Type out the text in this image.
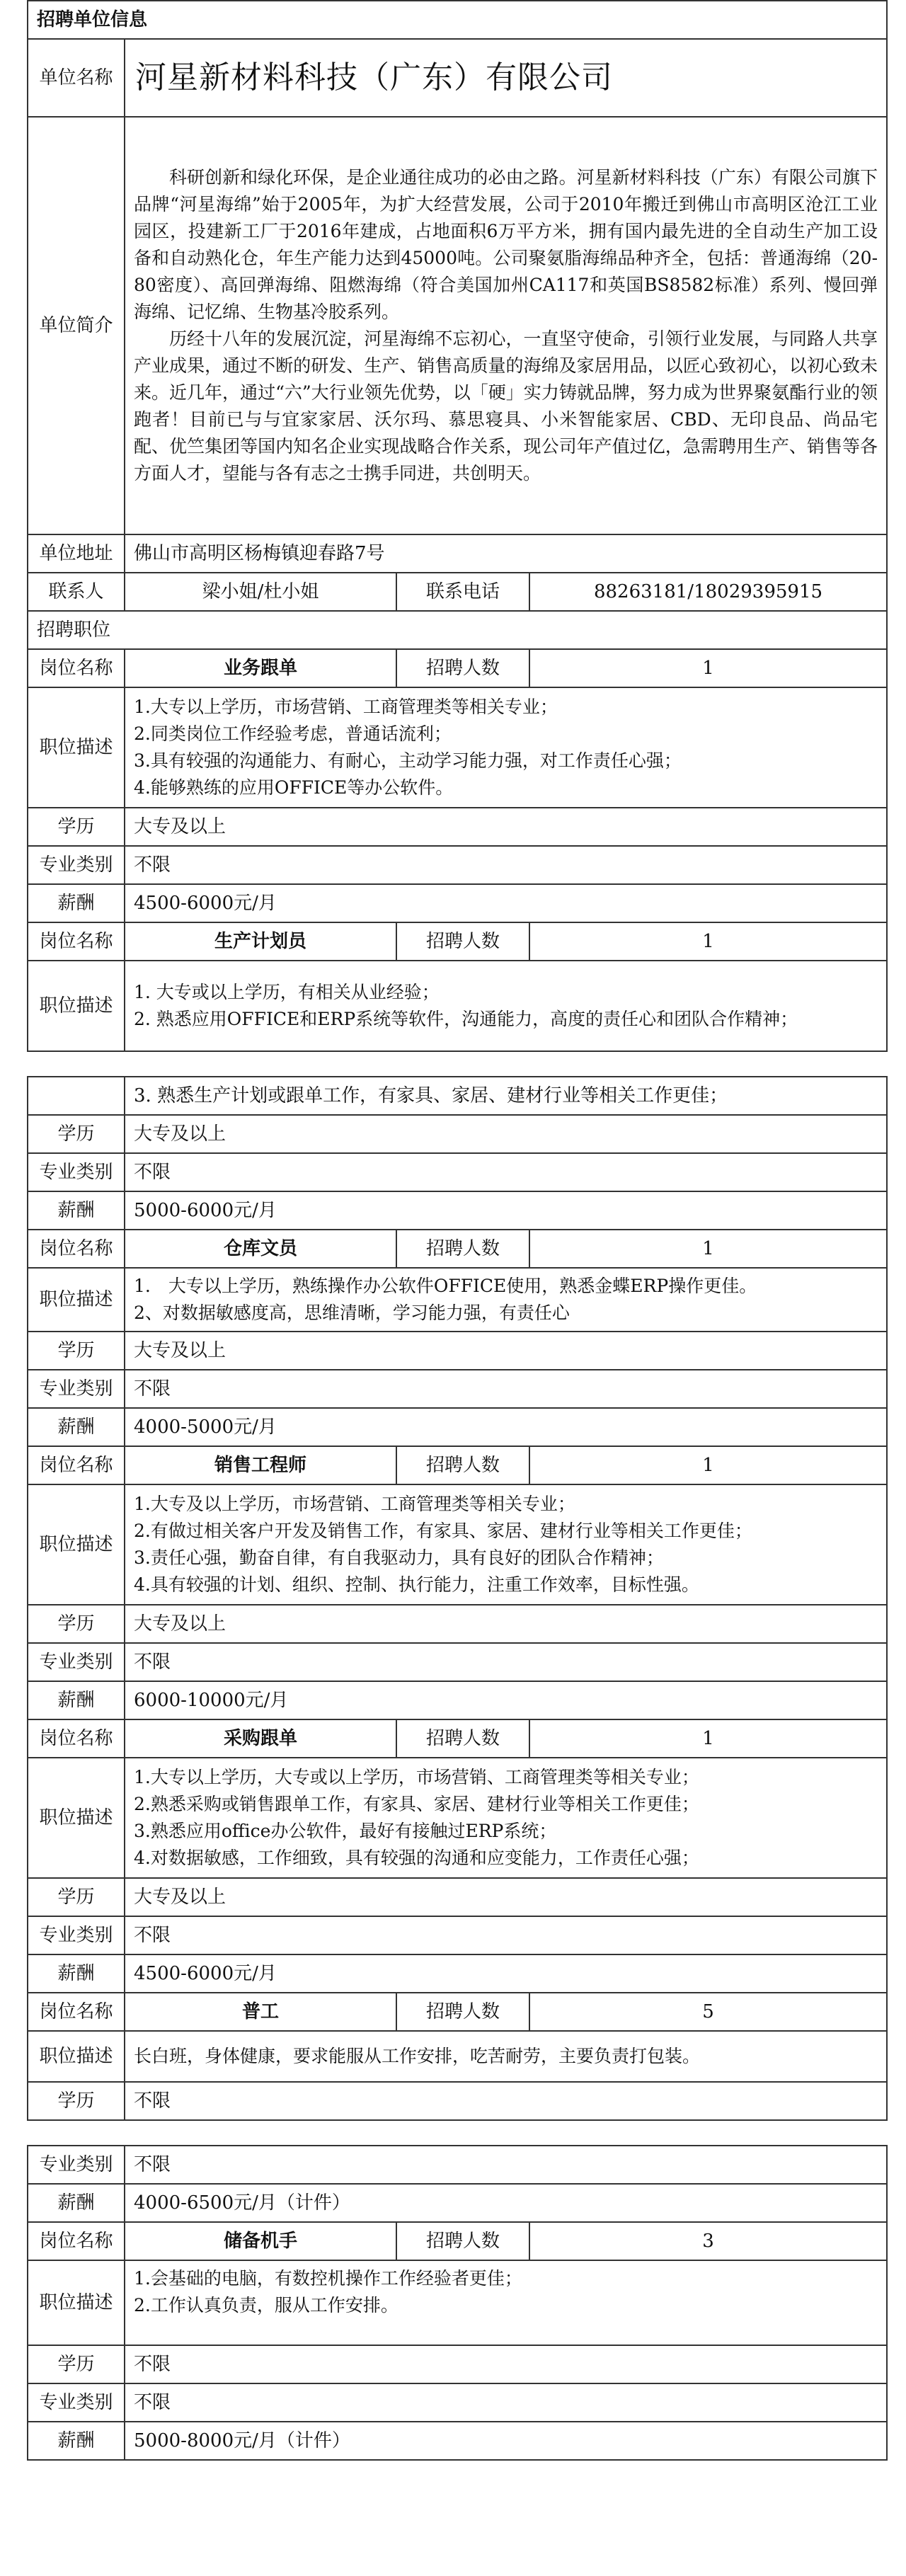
招聘单位信息			
单位名称	河星新材料科技（广东）有限公司		
单位简介	科研创新和绿化环保，是企业通往成功的必由之路。河星新材料科技（广东）有限公司旗下品牌“河星海绵”始于2005年，为扩大经营发展，公司于2010年搬迁到佛山市高明区沧江工业园区，投建新工厂于2016年建成，占地面积6万平方米，拥有国内最先进的全自动生产加工设备和自动熟化仓，年生产能力达到45000吨。公司聚氨脂海绵品种齐全，包括：普通海绵（20-80密度）、高回弹海绵、阻燃海绵（符合美国加州CA117和英国BS8582标准）系列、慢回弹海绵、记忆绵、生物基冷胶系列。

历经十八年的发展沉淀，河星海绵不忘初心，一直坚守使命，引领行业发展，与同路人共享产业成果，通过不断的研发、生产、销售高质量的海绵及家居用品，以匠心致初心，以初心致未来。近几年，通过“六”大行业领先优势，以「硬」实力铸就品牌，努力成为世界聚氨酯行业的领跑者！目前已与与宜家家居、沃尔玛、慕思寝具、小米智能家居、CBD、无印良品、尚品宅配、优竺集团等国内知名企业实现战略合作关系，现公司年产值过亿，急需聘用生产、销售等各方面人才，望能与各有志之士携手同进，共创明天。		

单位地址	佛山市高明区杨梅镇迎春路7号		
联系人	梁小姐/杜小姐	联系电话	88263181/18029395915
招聘职位			
岗位名称	业务跟单	招聘人数	1
职位描述	1.大专以上学历，市场营销、工商管理类等相关专业；
2.同类岗位工作经验考虑，普通话流利；
3.具有较强的沟通能力、有耐心，主动学习能力强，对工作责任心强；
4.能够熟练的应用OFFICE等办公软件。		

学历	大专及以上		
专业类别	不限		
薪酬	4500-6000元/月		
岗位名称	生产计划员	招聘人数	1
职位描述	1. 大专或以上学历，有相关从业经验；
2. 熟悉应用OFFICE和ERP系统等软件，沟通能力，高度的责任心和团队合作精神；		
	3. 熟悉生产计划或跟单工作，有家具、家居、建材行业等相关工作更佳；		
学历	大专及以上		
专业类别	不限		
薪酬	5000-6000元/月		
岗位名称	仓库文员	招聘人数	1
职位描述	1.　大专以上学历，熟练操作办公软件OFFICE使用，熟悉金蝶ERP操作更佳。
2、对数据敏感度高，思维清晰，学习能力强，有责任心		

学历	大专及以上		
专业类别	不限		
薪酬	4000-5000元/月		
岗位名称	销售工程师	招聘人数	1
职位描述	1.大专及以上学历，市场营销、工商管理类等相关专业；
2.有做过相关客户开发及销售工作，有家具、家居、建材行业等相关工作更佳；
3.责任心强，勤奋自律，有自我驱动力，具有良好的团队合作精神；
4.具有较强的计划、组织、控制、执行能力，注重工作效率，目标性强。		

学历	大专及以上		
专业类别	不限		
薪酬	6000-10000元/月		
岗位名称	采购跟单	招聘人数	1
职位描述	1.大专以上学历，大专或以上学历，市场营销、工商管理类等相关专业；
2.熟悉采购或销售跟单工作，有家具、家居、建材行业等相关工作更佳；
3.熟悉应用office办公软件，最好有接触过ERP系统；
4.对数据敏感，工作细致，具有较强的沟通和应变能力，工作责任心强；		

学历	大专及以上		
专业类别	不限		
薪酬	4500-6000元/月		
岗位名称	普工	招聘人数	5
职位描述	长白班，身体健康，要求能服从工作安排，吃苦耐劳，主要负责打包装。		

学历	不限		
专业类别	不限		
薪酬	4000-6500元/月（计件）		
岗位名称	储备机手	招聘人数	3
职位描述	1.会基础的电脑，有数控机操作工作经验者更佳；
2.工作认真负责，服从工作安排。		

学历	不限		
专业类别	不限		
薪酬	5000-8000元/月（计件）		
